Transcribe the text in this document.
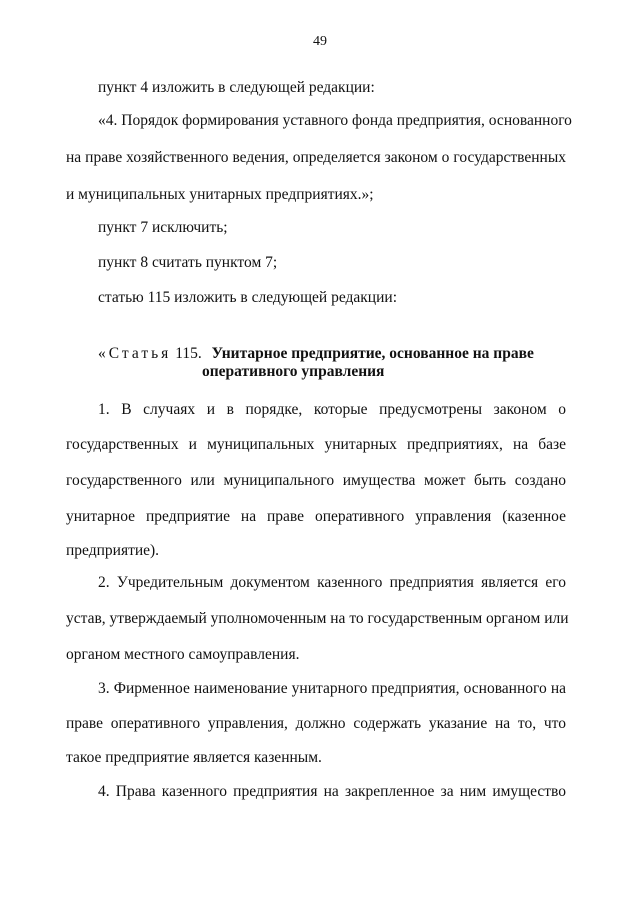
49
пункт 4 изложить в следующей редакции:
«4. Порядок формирования уставного фонда предприятия, основанного
на праве хозяйственного ведения, определяется законом о государственных
и муниципальных унитарных предприятиях.»;
пункт 7 исключить;
пункт 8 считать пунктом 7;
статью 115 изложить в следующей редакции:
«Статья 115. Унитарное предприятие, основанное на праве
оперативного управления
1. В случаях и в порядке, которые предусмотрены законом о
государственных и муниципальных унитарных предприятиях, на базе
государственного или муниципального имущества может быть создано
унитарное предприятие на праве оперативного управления (казенное
предприятие).
2. Учредительным документом казенного предприятия является его
устав, утверждаемый уполномоченным на то государственным органом или
органом местного самоуправления.
3. Фирменное наименование унитарного предприятия, основанного на
праве оперативного управления, должно содержать указание на то, что
такое предприятие является казенным.
4. Права казенного предприятия на закрепленное за ним имущество
